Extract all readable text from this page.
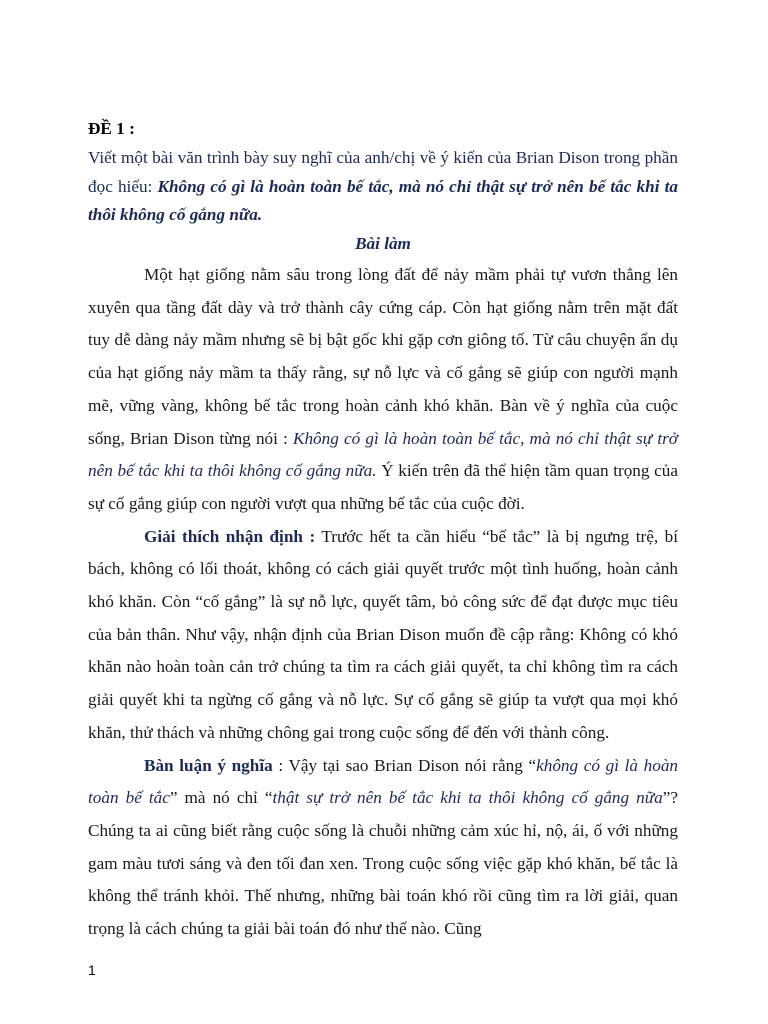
ĐỀ 1 :

Viết một bài văn trình bày suy nghĩ của anh/chị về ý kiến của Brian Dison trong phần đọc hiểu: Không có gì là hoàn toàn bế tắc, mà nó chỉ thật sự trở nên bế tắc khi ta thôi không cố gắng nữa.

Bài làm

Một hạt giống nằm sâu trong lòng đất để nảy mầm phải tự vươn thẳng lên xuyên qua tầng đất dày và trở thành cây cứng cáp. Còn hạt giống nằm trên mặt đất tuy dễ dàng nảy mầm nhưng sẽ bị bật gốc khi gặp cơn giông tố. Từ câu chuyện ẩn dụ của hạt giống nảy mầm ta thấy rằng, sự nỗ lực và cố gắng sẽ giúp con người mạnh mẽ, vững vàng, không bế tắc trong hoàn cảnh khó khăn. Bàn về ý nghĩa của cuộc sống, Brian Dison từng nói : Không có gì là hoàn toàn bế tắc, mà nó chỉ thật sự trở nên bế tắc khi ta thôi không cố gắng nữa. Ý kiến trên đã thể hiện tầm quan trọng của sự cố gắng giúp con người vượt qua những bế tắc của cuộc đời.

Giải thích nhận định : Trước hết ta cần hiểu “bế tắc” là bị ngưng trệ, bí bách, không có lối thoát, không có cách giải quyết trước một tình huống, hoàn cảnh khó khăn. Còn “cố gắng” là sự nỗ lực, quyết tâm, bỏ công sức để đạt được mục tiêu của bản thân. Như vậy, nhận định của Brian Dison muốn đề cập rằng: Không có khó khăn nào hoàn toàn cản trở chúng ta tìm ra cách giải quyết, ta chỉ không tìm ra cách giải quyết khi ta ngừng cố gắng và nỗ lực. Sự cố gắng sẽ giúp ta vượt qua mọi khó khăn, thử thách và những chông gai trong cuộc sống để đến với thành công.

Bàn luận ý nghĩa : Vậy tại sao Brian Dison nói rằng “không có gì là hoàn toàn bế tắc” mà nó chỉ “thật sự trở nên bế tắc khi ta thôi không cố gắng nữa”? Chúng ta ai cũng biết rằng cuộc sống là chuỗi những cảm xúc hỉ, nộ, ái, ố với những gam màu tươi sáng và đen tối đan xen. Trong cuộc sống việc gặp khó khăn, bế tắc là không thể tránh khỏi. Thế nhưng, những bài toán khó rồi cũng tìm ra lời giải, quan trọng là cách chúng ta giải bài toán đó như thế nào. Cũng

1
